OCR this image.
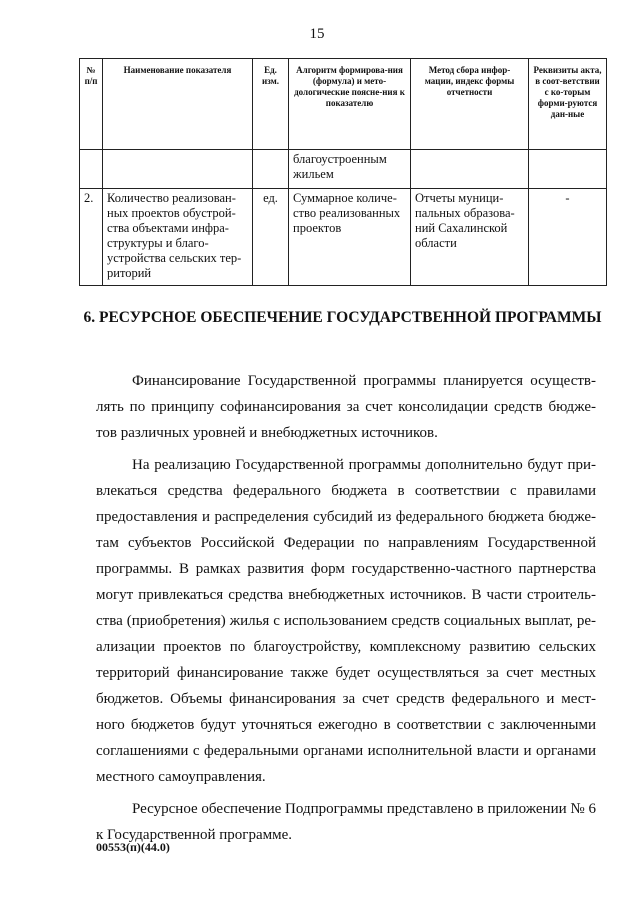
15
№ п/п	Наименование показателя	Ед. изм.	Алгоритм формирова-ния (формула) и мето-дологические поясне-ния к показателю	Метод сбора инфор-мации, индекс формы отчетности	Реквизиты акта, в соот-ветствии с ко-торым форми-руются дан-ные
			благоустроенным жильем		
2.	Количество реализован-ных проектов обустрой-ства объектами инфра-структуры и благо-устройства сельских тер-риторий	ед.	Суммарное количе-ство реализованных проектов	Отчеты муници-пальных образова-ний Сахалинской области	-
6. РЕСУРСНОЕ ОБЕСПЕЧЕНИЕ ГОСУДАРСТВЕННОЙ ПРОГРАММЫ

Финансирование Государственной программы планируется осуществ-лять по принципу софинансирования за счет консолидации средств бюдже-тов различных уровней и внебюджетных источников.

На реализацию Государственной программы дополнительно будут при-влекаться средства федерального бюджета в соответствии с правилами предоставления и распределения субсидий из федерального бюджета бюдже-там субъектов Российской Федерации по направлениям Государственной программы. В рамках развития форм государственно-частного партнерства могут привлекаться средства внебюджетных источников. В части строитель-ства (приобретения) жилья с использованием средств социальных выплат, ре-ализации проектов по благоустройству, комплексному развитию сельских территорий финансирование также будет осуществляться за счет местных бюджетов. Объемы финансирования за счет средств федерального и мест-ного бюджетов будут уточняться ежегодно в соответствии с заключенными соглашениями с федеральными органами исполнительной власти и органами местного самоуправления.

Ресурсное обеспечение Подпрограммы представлено в приложении № 6 к Государственной программе.

00553(п)(44.0)
